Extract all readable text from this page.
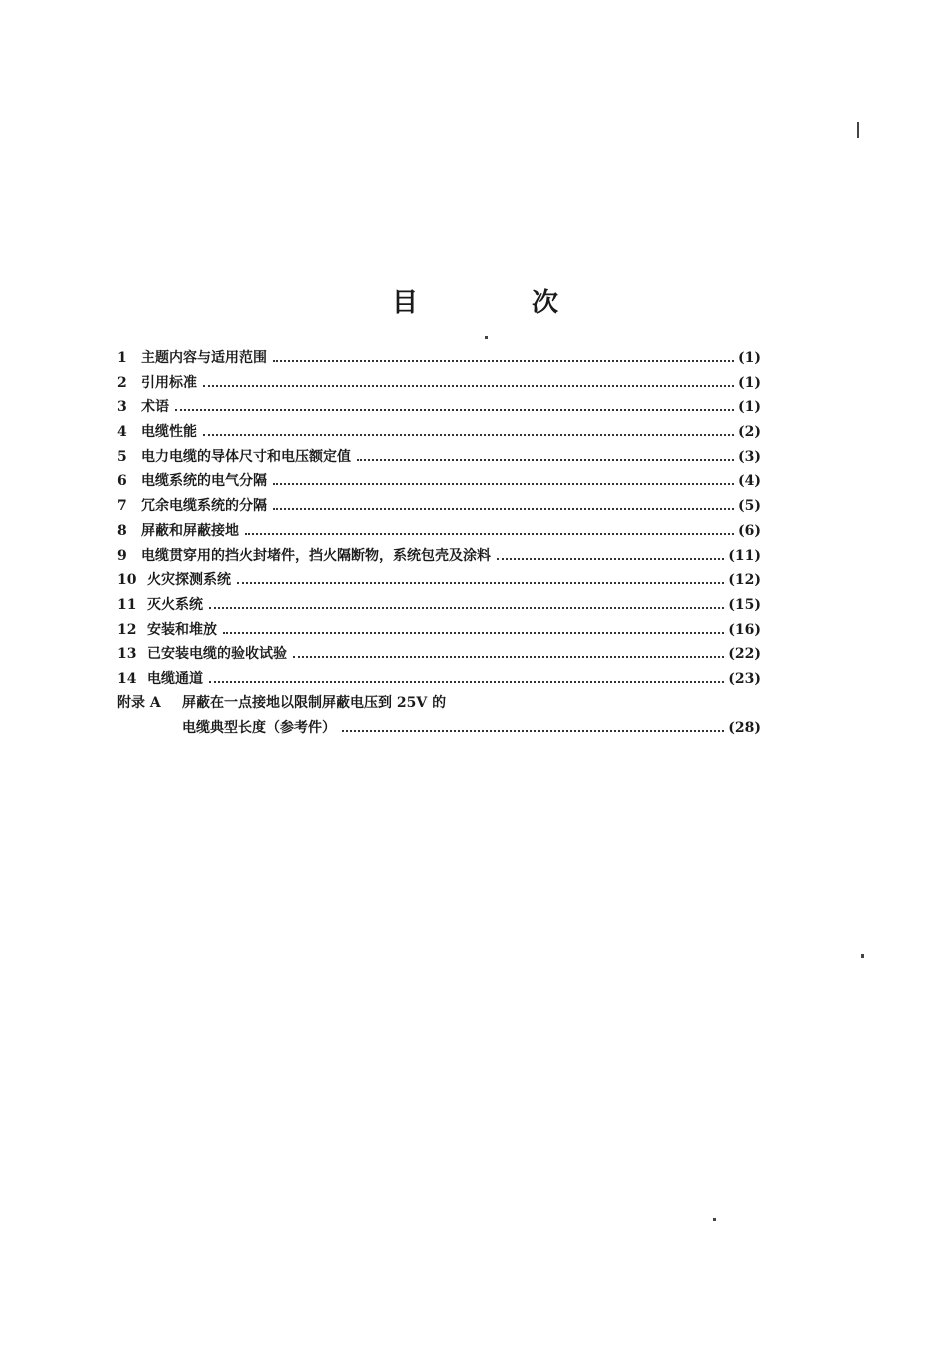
目　次
1	主题内容与适用范围	(1)
2	引用标准	(1)
3	术语	(1)
4	电缆性能	(2)
5	电力电缆的导体尺寸和电压额定值	(3)
6	电缆系统的电气分隔	(4)
7	冗余电缆系统的分隔	(5)
8	屏蔽和屏蔽接地	(6)
9	电缆贯穿用的挡火封堵件，挡火隔断物，系统包壳及涂料	(11)
10 火灾探测系统	(12)
11 灭火系统	(15)
12 安装和堆放	(16)
13 已安装电缆的验收试验	(22)
14 电缆通道	(23)
附录 A	屏蔽在一点接地以限制屏蔽电压到 25V 的
电缆典型长度（参考件）	(28)
